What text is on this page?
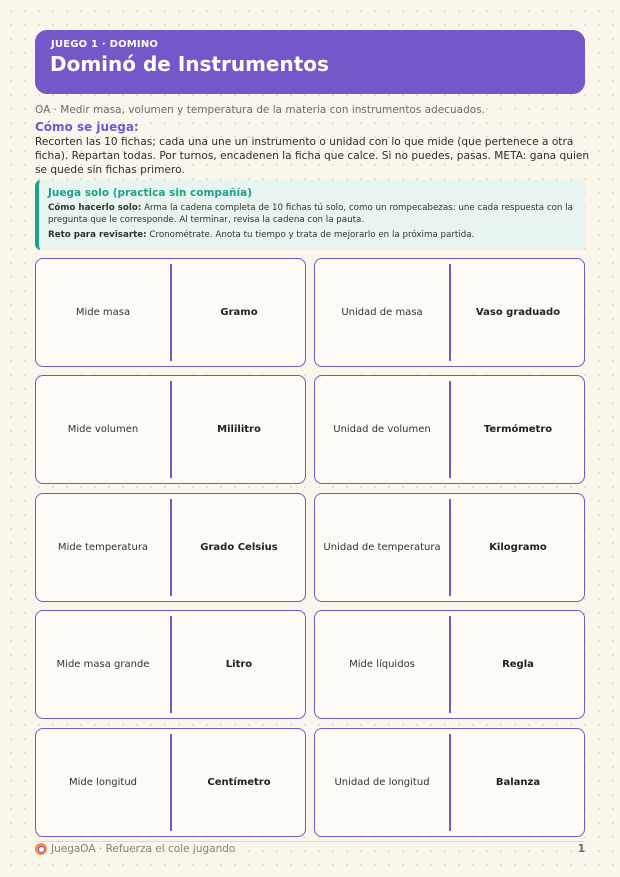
JUEGO 1 · DOMINO
Dominó de Instrumentos
OA · Medir masa, volumen y temperatura de la materia con instrumentos adecuados.
Cómo se juega:
Recorten las 10 fichas; cada una une un instrumento o unidad con lo que mide (que pertenece a otra ficha). Repartan todas. Por turnos, encadenen la ficha que calce. Si no puedes, pasas. META: gana quien se quede sin fichas primero.
Juega solo (practica sin compañía)
Cómo hacerlo solo: Arma la cadena completa de 10 fichas tú solo, como un rompecabezas: une cada respuesta con la pregunta que le corresponde. Al terminar, revisa la cadena con la pauta.
Reto para revisarte: Cronométrate. Anota tu tiempo y trata de mejorarlo en la próxima partida.
Mide masa	Gramo	Unidad de masa	Vaso graduado
Mide volumen	Mililitro	Unidad de volumen	Termómetro
Mide temperatura	Grado Celsius	Unidad de temperatura	Kilogramo
Mide masa grande	Litro	Mide líquidos	Regla
Mide longitud	Centímetro	Unidad de longitud	Balanza
JuegaOA · Refuerza el cole jugando	1
